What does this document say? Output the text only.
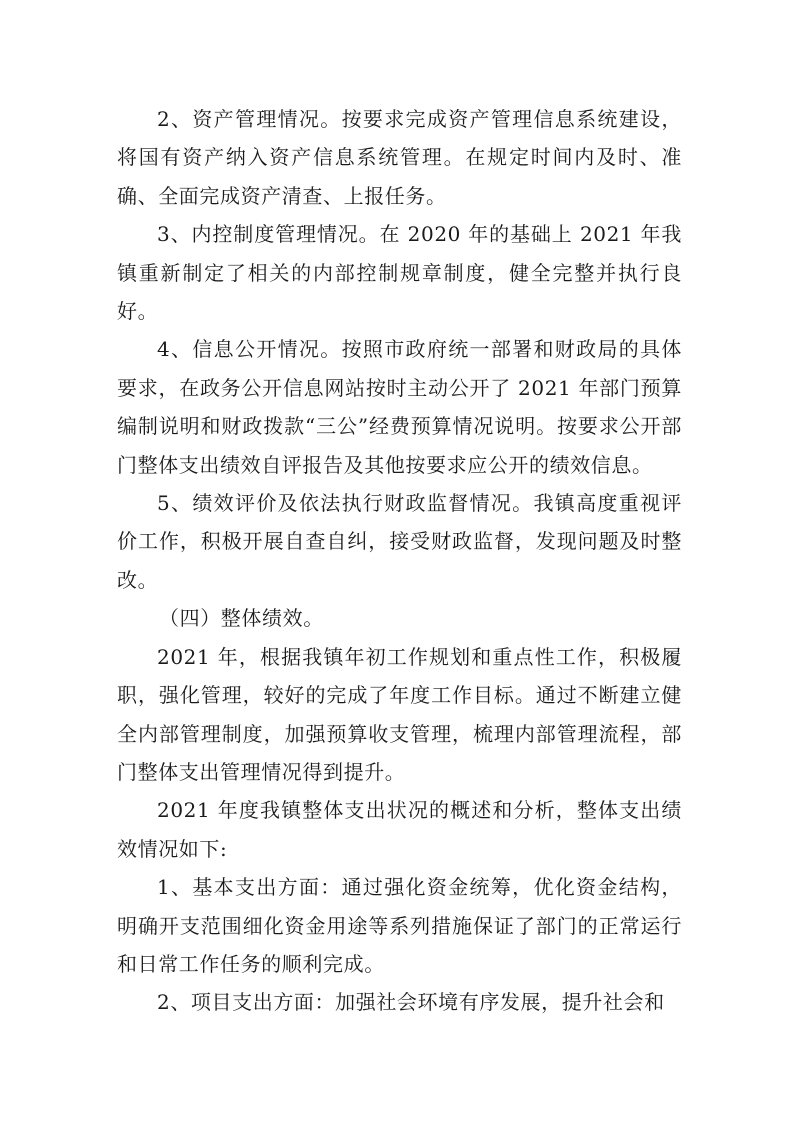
2、资产管理情况。按要求完成资产管理信息系统建设，将国有资产纳入资产信息系统管理。在规定时间内及时、准确、全面完成资产清查、上报任务。

3、内控制度管理情况。在 2020 年的基础上 2021 年我镇重新制定了相关的内部控制规章制度，健全完整并执行良好。

4、信息公开情况。按照市政府统一部署和财政局的具体要求，在政务公开信息网站按时主动公开了 2021 年部门预算编制说明和财政拨款“三公”经费预算情况说明。按要求公开部门整体支出绩效自评报告及其他按要求应公开的绩效信息。

5、绩效评价及依法执行财政监督情况。我镇高度重视评价工作，积极开展自查自纠，接受财政监督，发现问题及时整改。

（四）整体绩效。

2021 年，根据我镇年初工作规划和重点性工作，积极履职，强化管理，较好的完成了年度工作目标。通过不断建立健全内部管理制度，加强预算收支管理，梳理内部管理流程，部门整体支出管理情况得到提升。

2021 年度我镇整体支出状况的概述和分析，整体支出绩效情况如下:

1、基本支出方面：通过强化资金统筹，优化资金结构，明确开支范围细化资金用途等系列措施保证了部门的正常运行和日常工作任务的顺利完成。

2、项目支出方面：加强社会环境有序发展，提升社会和
